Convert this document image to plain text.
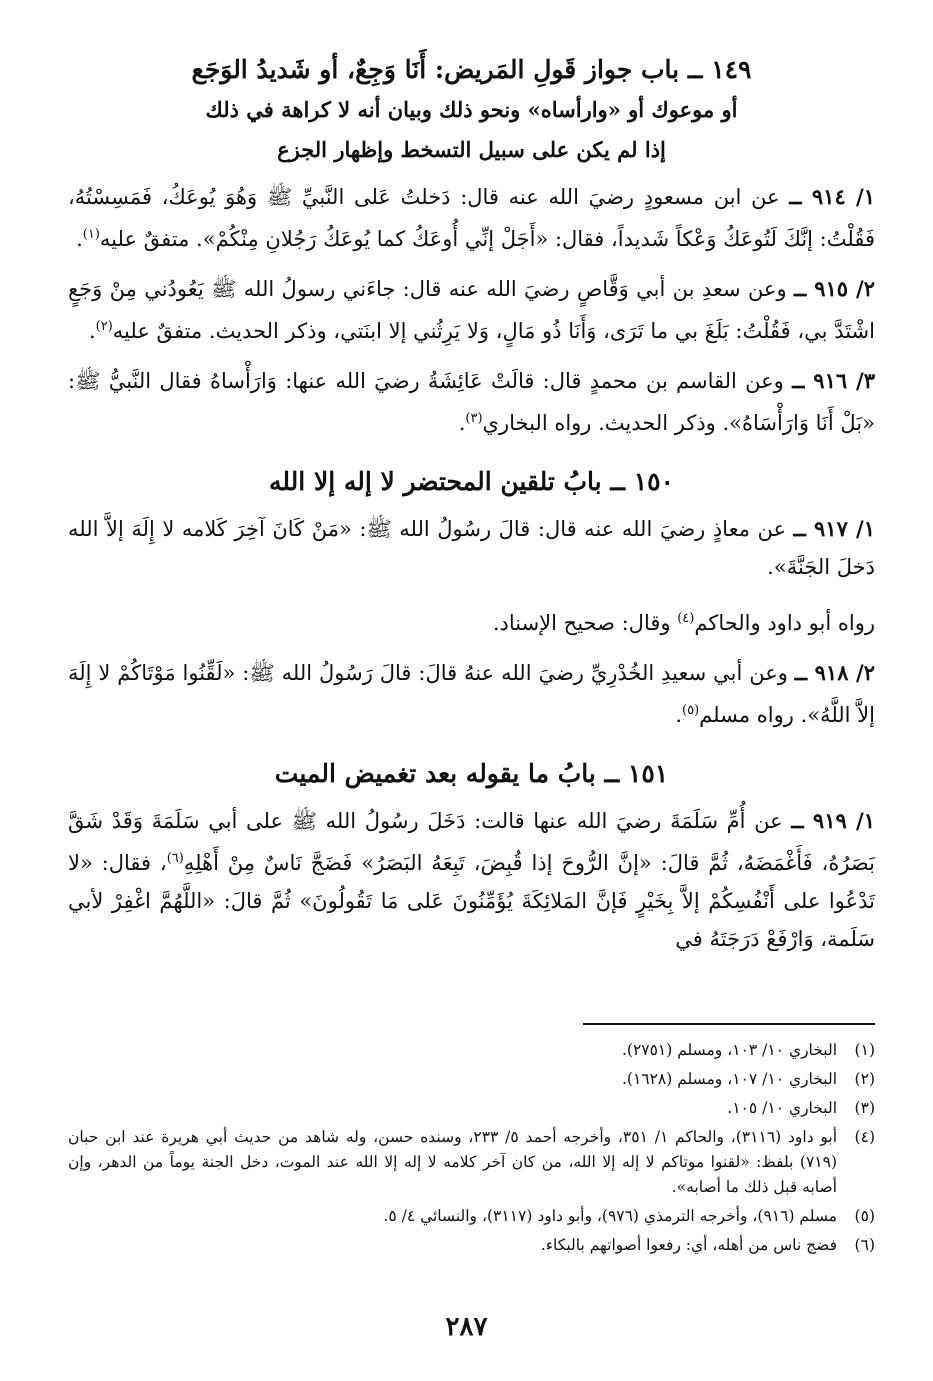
١٤٩ ــ باب جواز قَولِ المَريض: أَنَا وَجِعٌ، أو شَديدُ الوَجَع
أو موعوك أو «وارأساه» ونحو ذلك وبيان أنه لا كراهة في ذلك
إذا لم يكن على سبيل التسخط وإظهار الجزع

١/ ٩١٤ ــ عن ابن مسعودٍ رضيَ الله عنه قال: دَخلتُ عَلى النَّبيِّ ﷺ وَهُوَ يُوعَكُ، فَمَسِسْتُهُ، فَقُلْتُ: إنَّكَ لَتُوعَكُ وَعْكاً شَديداً، فقال: «أَجَلْ إنِّي أُوعَكُ كما يُوعَكُ رَجُلانِ مِنْكُمْ». متفقٌ عليه$^{(١)}$.

٢/ ٩١٥ ــ وعن سعدِ بن أبي وَقَّاصٍ رضيَ الله عنه قال: جاءَني رسولُ الله ﷺ يَعُودُني مِنْ وَجَعٍ اشْتَدَّ بي، فَقُلْتُ: بَلَغَ بي ما تَرَى، وَأَنَا ذُو مَالٍ، وَلا يَرِثُني إلا ابنَتي، وذكر الحديث. متفقٌ عليه$^{(٢)}$.

٣/ ٩١٦ ــ وعن القاسم بن محمدٍ قال: قالَتْ عَائِشَةُ رضيَ الله عنها: وَارَأْساهُ فقال النَّبيُّ ﷺ: «بَلْ أَنَا وَارَأْسَاهُ». وذكر الحديث. رواه البخاري$^{(٣)}$.

١٥٠ ــ بابُ تلقين المحتضر لا إله إلا الله

١/ ٩١٧ ــ عن معاذٍ رضيَ الله عنه قال: قالَ رسُولُ الله ﷺ: «مَنْ كَانَ آخِرَ كَلامه لا إِلَهَ إلاَّ الله دَخلَ الجَنَّةَ».

رواه أبو داود والحاكم$^{(٤)}$ وقال: صحيح الإسناد.

٢/ ٩١٨ ــ وعن أبي سعيدِ الخُدْرِيِّ رضيَ الله عنهُ قالَ: قالَ رَسُولُ الله ﷺ: «لَقِّنُوا مَوْتَاكُمْ لا إِلَهَ إلاَّ اللَّهُ». رواه مسلم$^{(٥)}$.

١٥١ ــ بابُ ما يقوله بعد تغميض الميت

١/ ٩١٩ ــ عن أُمِّ سَلَمَةَ رضيَ الله عنها قالت: دَخَلَ رسُولُ الله ﷺ على أبي سَلَمَةَ وَقَدْ شَقَّ بَصَرُهُ، فَأَغْمَضَهُ، ثُمَّ قالَ: «إنَّ الرُّوحَ إذا قُبِضَ، تَبِعَهُ البَصَرُ» فَضَجَّ نَاسٌ مِنْ أَهْلِهِ$^{(٦)}$، فقال: «لا تَدْعُوا على أَنْفُسِكُمْ إلاَّ بِخَيْرٍ فَإنَّ المَلائِكَةَ يُؤَمِّنُونَ عَلى مَا تَقُولُونَ» ثُمَّ قالَ: «اللَّهُمَّ اغْفِرْ لأبي سَلَمة، وَارْفَعْ دَرَجَتَهُ في

(١)
البخاري ١٠/ ١٠٣، ومسلم (٢٧٥١).
(٢)
البخاري ١٠/ ١٠٧، ومسلم (١٦٢٨).
(٣)
البخاري ١٠/ ١٠٥.
(٤)
أبو داود (٣١١٦)، والحاكم ١/ ٣٥١، وأخرجه أحمد ٥/ ٢٣٣، وسنده حسن، وله شاهد من حديث أبي هريرة عند ابن حبان (٧١٩) بلفظ: «لقنوا موتاكم لا إله إلا الله، من كان آخر كلامه لا إله إلا الله عند الموت، دخل الجنة يوماً من الدهر، وإن أصابه قبل ذلك ما أصابه».
(٥)
مسلم (٩١٦)، وأخرجه الترمذي (٩٧٦)، وأبو داود (٣١١٧)، والنسائي ٤/ ٥.
(٦)
فضج ناس من أهله، أي: رفعوا أصواتهم بالبكاء.
٢٨٧
